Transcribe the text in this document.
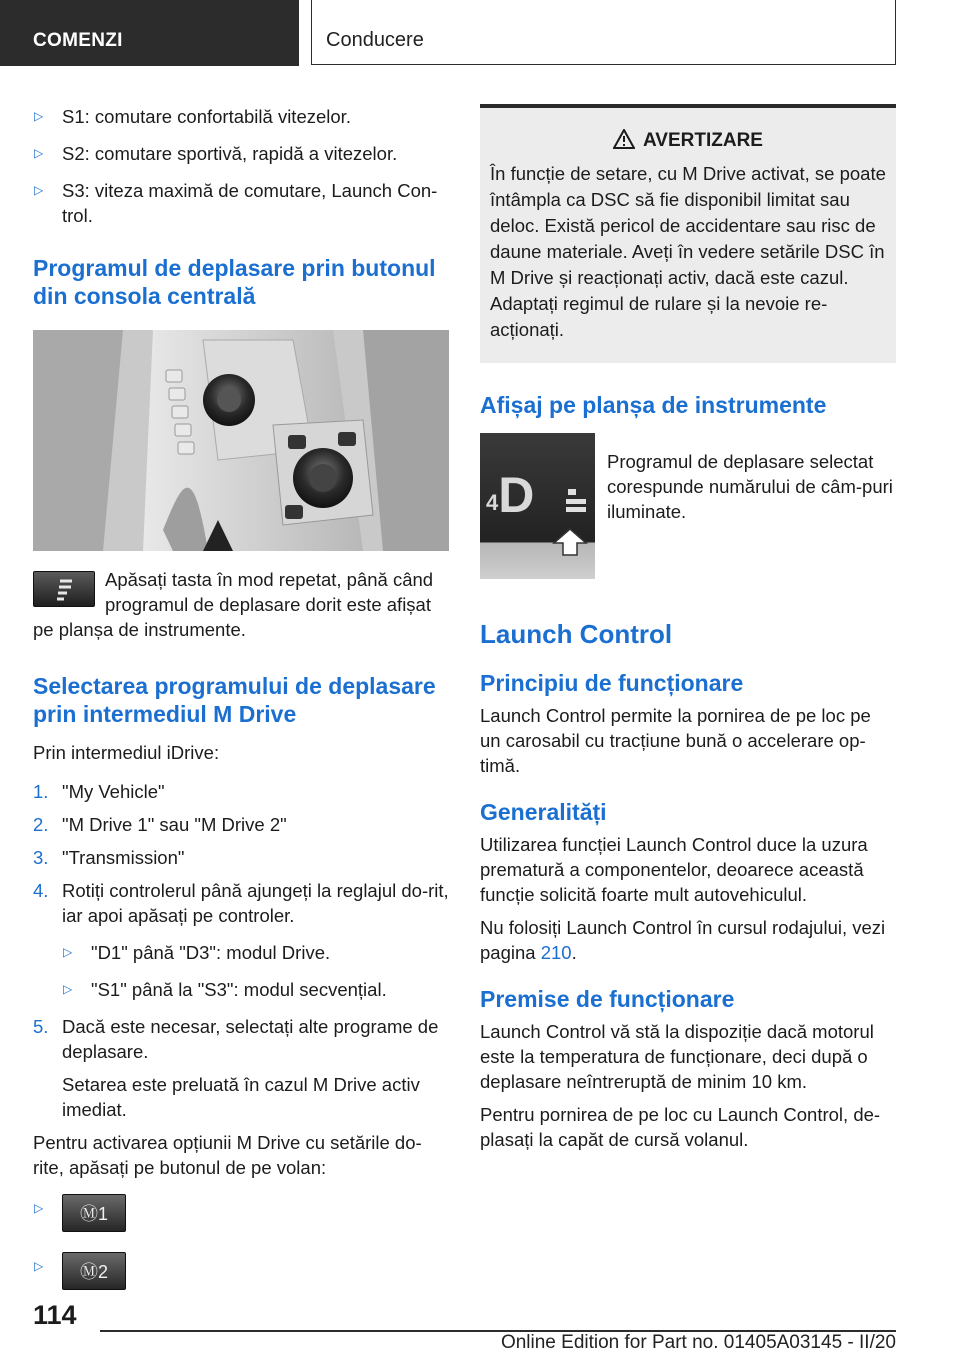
COMENZI	Conducere
▷ S1: comutare confortabilă vitezelor.
▷ S2: comutare sportivă, rapidă a vitezelor.
▷ S3: viteza maximă de comutare, Launch Con‐trol.
Programul de deplasare prin butonul din consola centrală
Apăsați tasta în mod repetat, până când programul de deplasare dorit este afișat pe planșa de instrumente.
Selectarea programului de deplasare prin intermediul M Drive

Prin intermediul iDrive:

1. "My Vehicle"
2. "M Drive 1" sau "M Drive 2"
3. "Transmission"
4. Rotiți controlerul până ajungeți la reglajul do‐rit, iar apoi apăsați pe controler.
▷ "D1" până "D3": modul Drive.
▷ "S1" până la "S3": modul secvențial.
5. Dacă este necesar, selectați alte programe de deplasare.

Setarea este preluată în cazul M Drive activ imediat.

Pentru activarea opțiunii M Drive cu setările do‐rite, apăsați pe butonul de pe volan:

▷	Ⓜ1
▷	Ⓜ2
AVERTIZARE

În funcție de setare, cu M Drive activat, se poate întâmpla ca DSC să fie disponibil limitat sau deloc. Există pericol de accidentare sau risc de daune materiale. Aveți în vedere setările DSC în M Drive și reacționați activ, dacă este cazul. Adaptați regimul de rulare și la nevoie re‐acționați.

Afișaj pe planșa de instrumente
4D

Programul de deplasare selectat corespunde numărului de câm‐puri iluminate.

Launch Control
Principiu de funcționare

Launch Control permite la pornirea de pe loc pe un carosabil cu tracțiune bună o accelerare op‐timă.

Generalități

Utilizarea funcției Launch Control duce la uzura prematură a componentelor, deoarece această funcție solicită foarte mult autovehiculul.

Nu folosiți Launch Control în cursul rodajului, vezi pagina 210.

Premise de funcționare

Launch Control vă stă la dispoziție dacă motorul este la temperatura de funcționare, deci după o deplasare neîntreruptă de minim 10 km.

Pentru pornirea de pe loc cu Launch Control, de‐plasați la capăt de cursă volanul.

114
Online Edition for Part no. 01405A03145 - II/20
